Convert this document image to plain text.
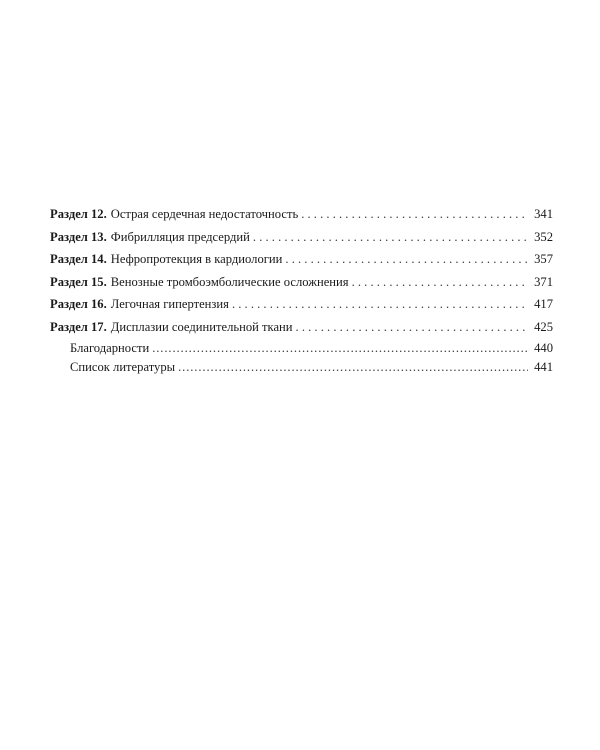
Раздел 12. Острая сердечная недостаточность . . .	341
Раздел 13. Фибрилляция предсердий . . .	352
Раздел 14. Нефропротекция в кардиологии . . .	357
Раздел 15. Венозные тромбоэмболические осложнения . . .	371
Раздел 16. Легочная гипертензия . . .	417
Раздел 17. Дисплазии соединительной ткани . . .	425
Благодарности .....	440
Список литературы .....	441
